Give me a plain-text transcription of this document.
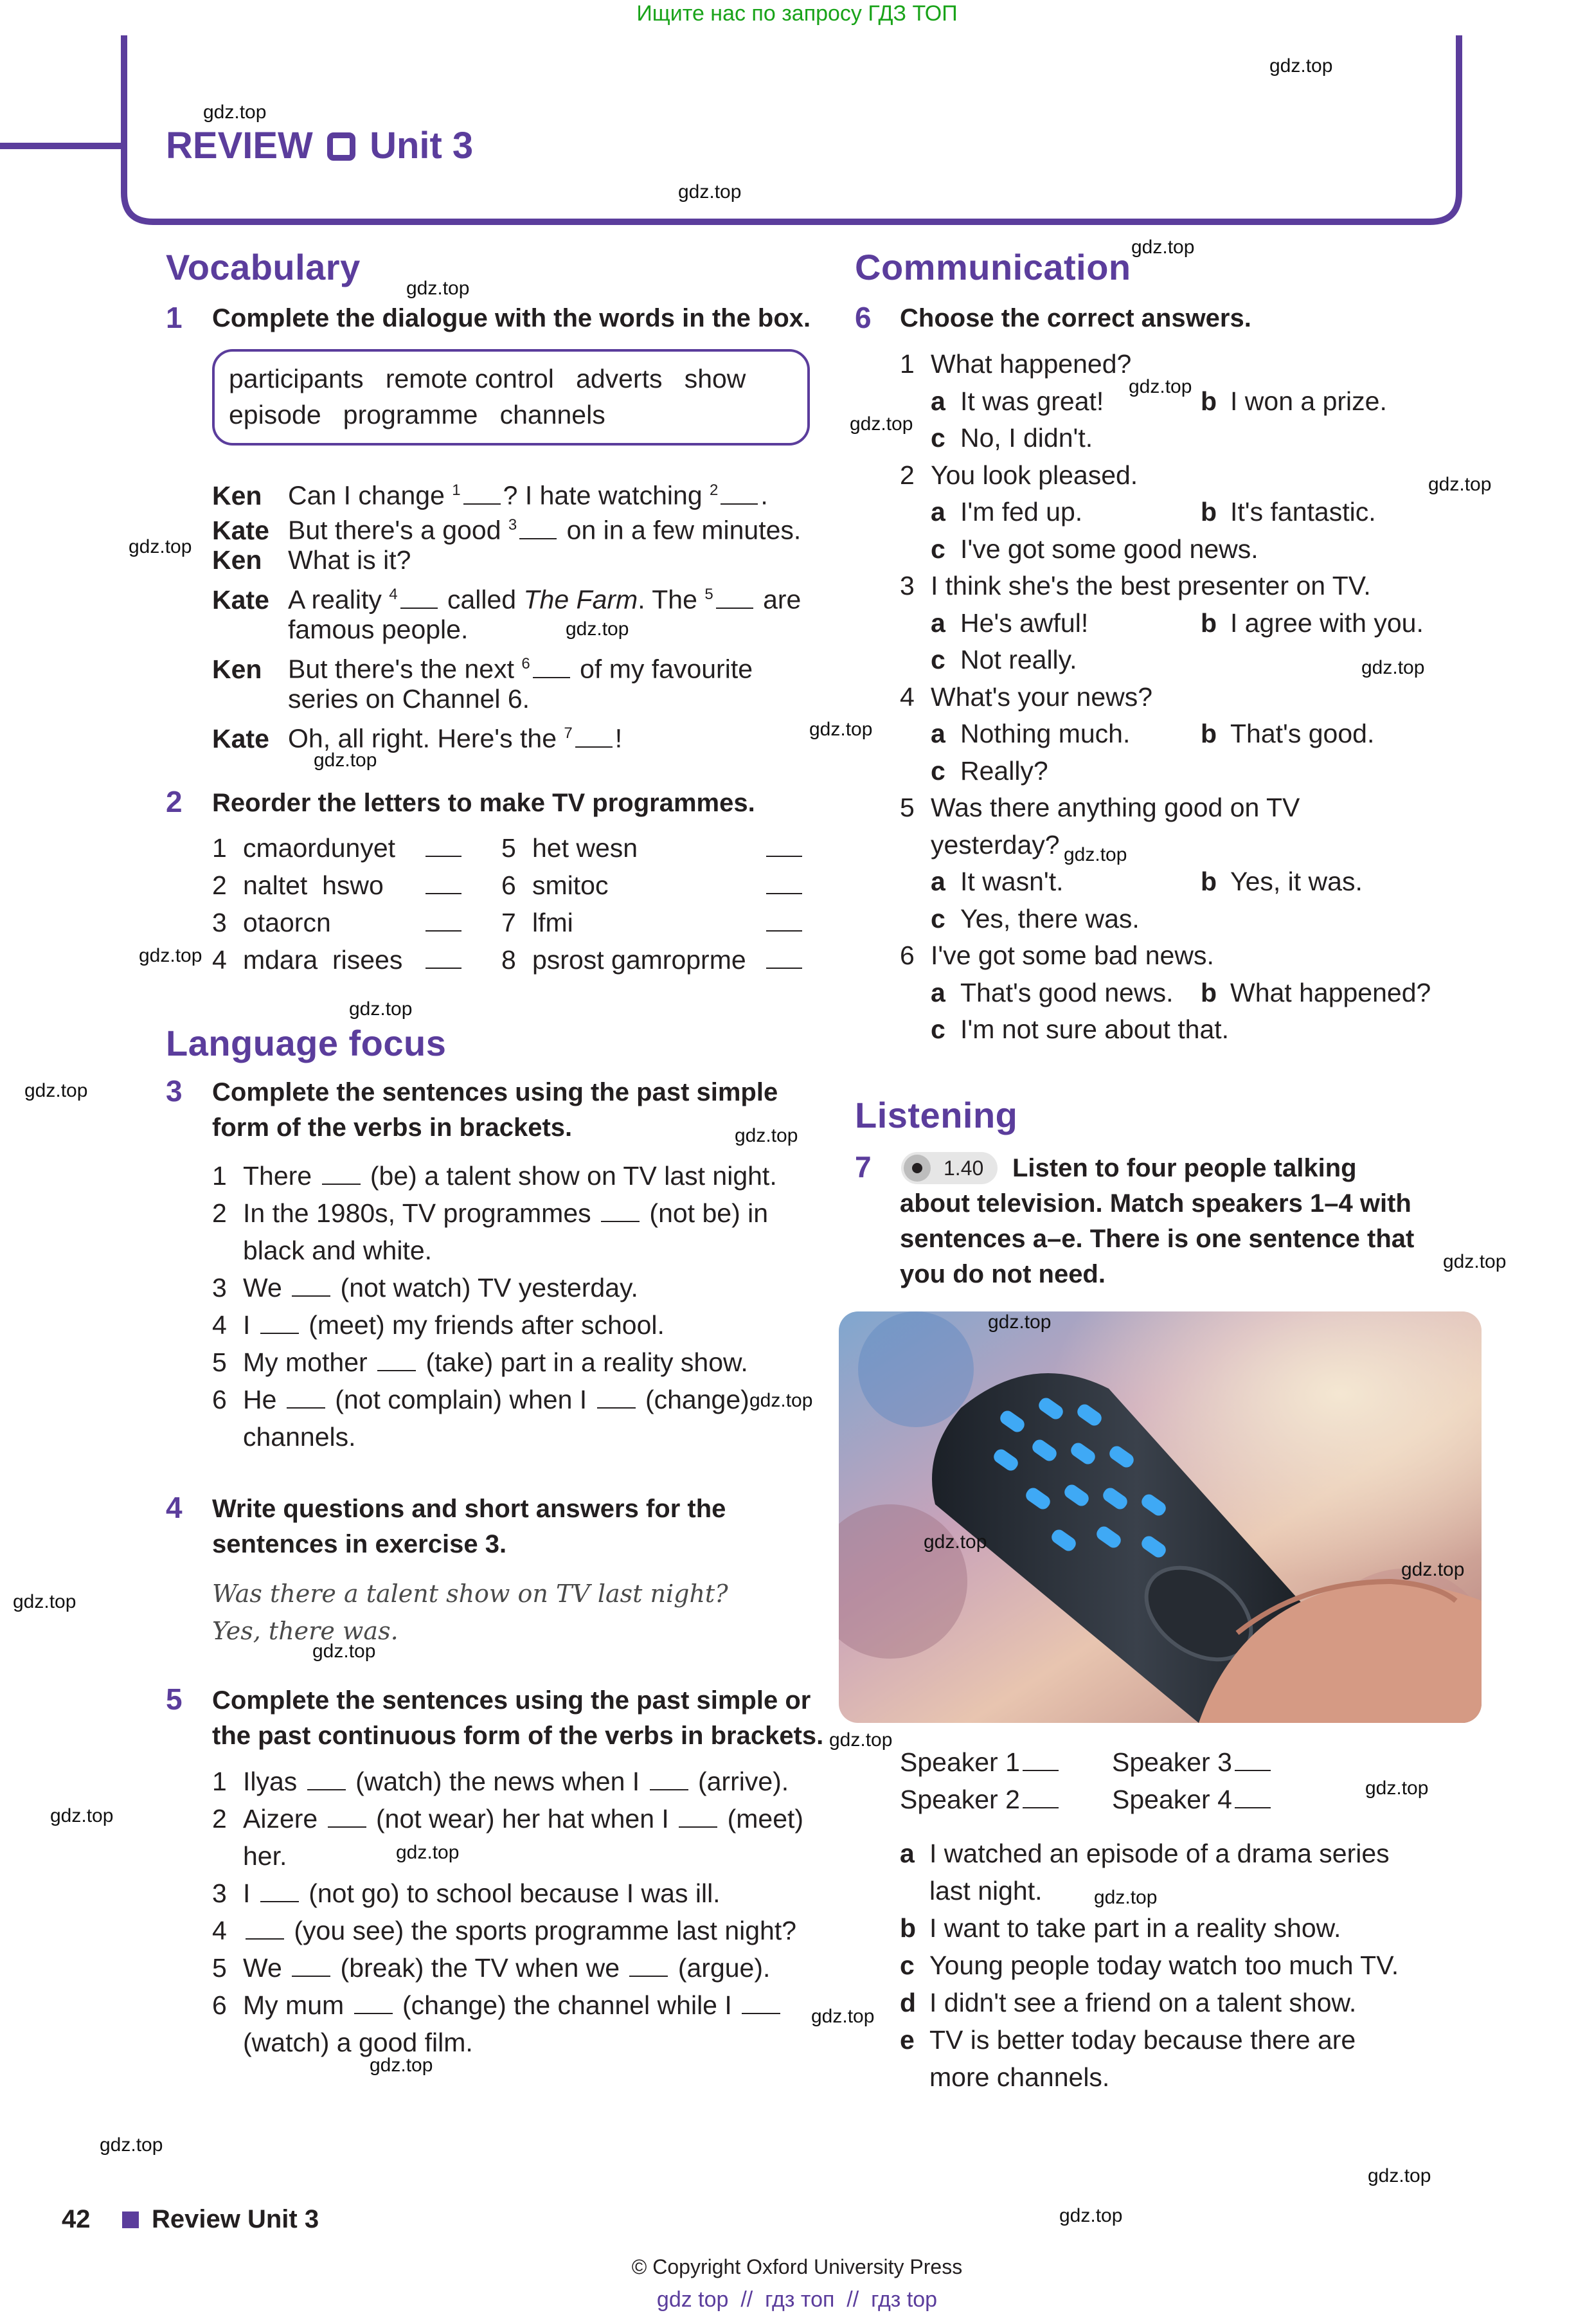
Ищите нас по запросу ГДЗ ТОП
REVIEW Unit 3
Vocabulary
1 Complete the dialogue with the words in the box.
participants   remote control   adverts   show
episode   programme   channels
Ken Can I change $^1$ ? I hate watching $^2$ .
Kate But there's a good $^3$ on in a few minutes.
Ken What is it?
Kate A reality $^4$ called The Farm. The $^5$ are
famous people.
Ken But there's the next $^6$ of my favourite
series on Channel 6.
Kate Oh, all right. Here's the $^7$ !
2 Reorder the letters to make TV programmes.
1 cmaordunyet
2 naltet  hswo
3 otaorcn
4 mdara  risees
5 het wesn
6 smitoc
7 lfmi
8 psrost gamroprme
Language focus
3 Complete the sentences using the past simple
form of the verbs in brackets.
1 There  (be) a talent show on TV last night.
2 In the 1980s, TV programmes  (not be) in
black and white.
3 We  (not watch) TV yesterday.
4 I  (meet) my friends after school.
5 My mother  (take) part in a reality show.
6 He  (not complain) when I  (change)
channels.
4 Write questions and short answers for the
sentences in exercise 3.
Was there a talent show on TV last night?
Yes, there was.
5 Complete the sentences using the past simple or
the past continuous form of the verbs in brackets.
1 Ilyas  (watch) the news when I  (arrive).
2 Aizere  (not wear) her hat when I  (meet)
her.
3 I  (not go) to school because I was ill.
4 (you see) the sports programme last night?
5 We  (break) the TV when we  (argue).
6 My mum  (change) the channel while I
(watch) a good film.
Communication
6 Choose the correct answers.
1 What happened?
a It was great!	b I won a prize.
c No, I didn't.
2 You look pleased.
a I'm fed up.	b It's fantastic.
c I've got some good news.
3 I think she's the best presenter on TV.
a He's awful!	b I agree with you.
c Not really.
4 What's your news?
a Nothing much.	b That's good.
c Really?
5 Was there anything good on TV
yesterday?
a It wasn't.	b Yes, it was.
c Yes, there was.
6 I've got some bad news.
a That's good news. b What happened?
c I'm not sure about that.
Listening
7	1.40 Listen to four people talking
about television. Match speakers 1–4 with
sentences a–e. There is one sentence that
you do not need.
Speaker 1
Speaker 2
Speaker 3
Speaker 4
a I watched an episode of a drama series
last night.
b I want to take part in a reality show.
c Young people today watch too much TV.
d I didn't see a friend on a talent show.
e TV is better today because there are
more channels.
42 Review Unit 3
© Copyright Oxford University Press
gdz top  //  гдз топ  //  гдз top
gdz.top
gdz.top
gdz.top
gdz.top
gdz.top
gdz.top
gdz.top
gdz.top
gdz.top
gdz.top
gdz.top
gdz.top
gdz.top
gdz.top
gdz.top
gdz.top
gdz.top
gdz.top
gdz.top
gdz.top
gdz.top
gdz.top
gdz.top
gdz.top
gdz.top
gdz.top
gdz.top
gdz.top
gdz.top
gdz.top
gdz.top
gdz.top
gdz.top
gdz.top
gdz.top
